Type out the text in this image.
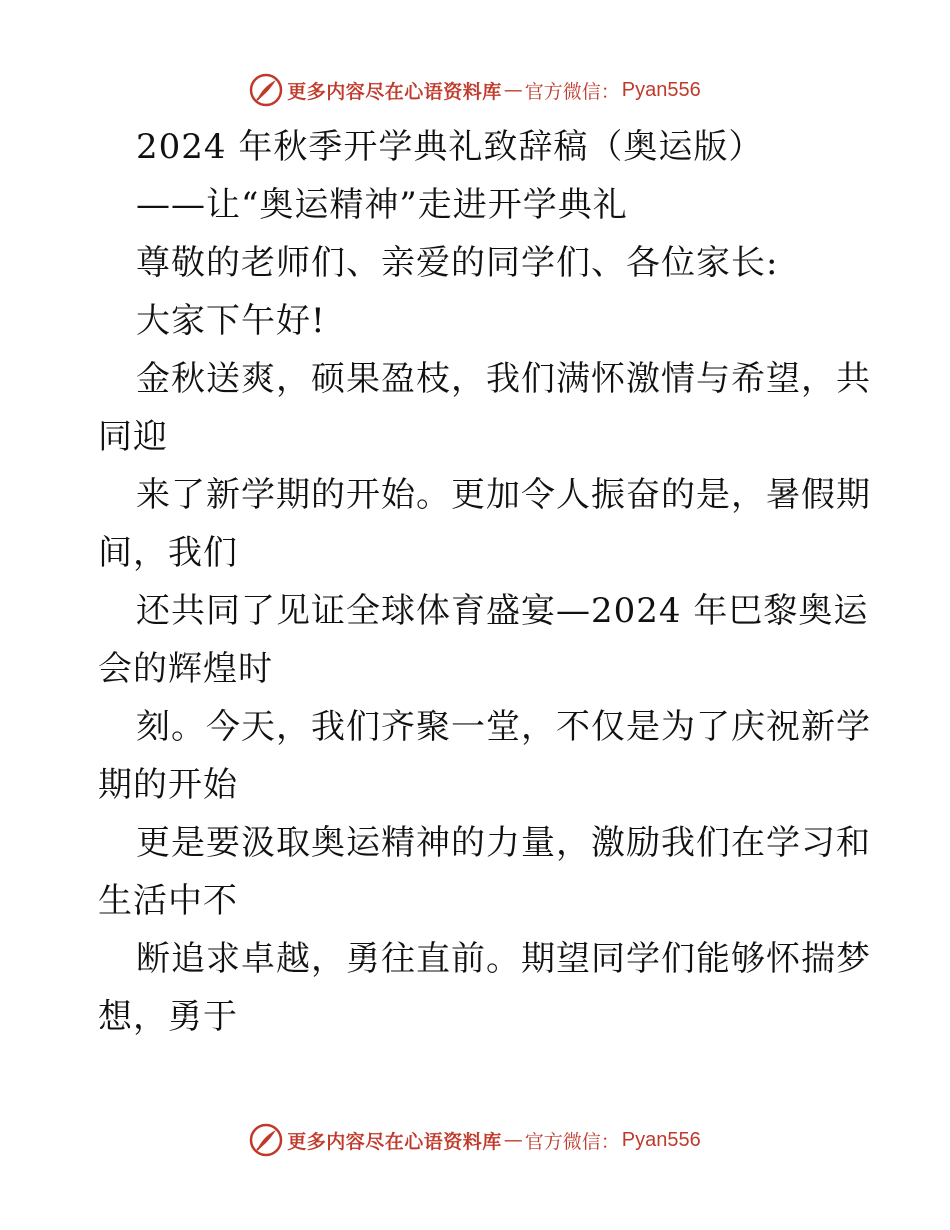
更多内容尽在心语资料库 — 官方微信： Pyan556
2024 年秋季开学典礼致辞稿（奥运版）
——让“奥运精神”走进开学典礼
尊敬的老师们、亲爱的同学们、各位家长:
大家下午好!
金秋送爽，硕果盈枝，我们满怀激情与希望，共
同迎
来了新学期的开始。更加令人振奋的是，暑假期
间，我们
还共同了见证全球体育盛宴—2024 年巴黎奥运
会的辉煌时
刻。今天，我们齐聚一堂，不仅是为了庆祝新学
期的开始
更是要汲取奥运精神的力量，激励我们在学习和
生活中不
断追求卓越，勇往直前。期望同学们能够怀揣梦
想，勇于
更多内容尽在心语资料库 — 官方微信： Pyan556
